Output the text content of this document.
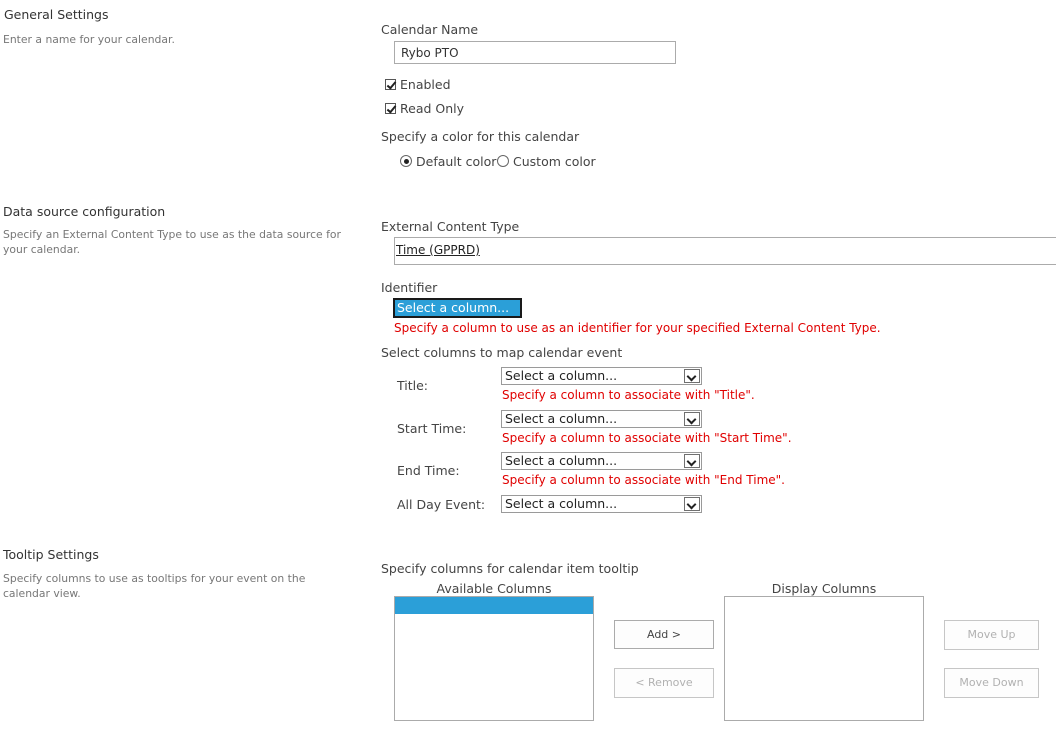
General Settings
Enter a name for your calendar.
Calendar Name
Rybo PTO
Enabled
Read Only
Specify a color for this calendar
Default color Custom color
Data source configuration
Specify an External Content Type to use as the data source for your calendar.
External Content Type
Time (GPPRD)
Identifier
Select a column...
Specify a column to use as an identifier for your specified External Content Type.
Select columns to map calendar event
Title:
Select a column...
Specify a column to associate with "Title".
Start Time:
Select a column...
Specify a column to associate with "Start Time".
End Time:
Select a column...
Specify a column to associate with "End Time".
All Day Event: Select a column...
Tooltip Settings
Specify columns to use as tooltips for your event on the calendar view.
Specify columns for calendar item tooltip
Available Columns
Add >
< Remove
Display Columns
Move Up
Move Down
